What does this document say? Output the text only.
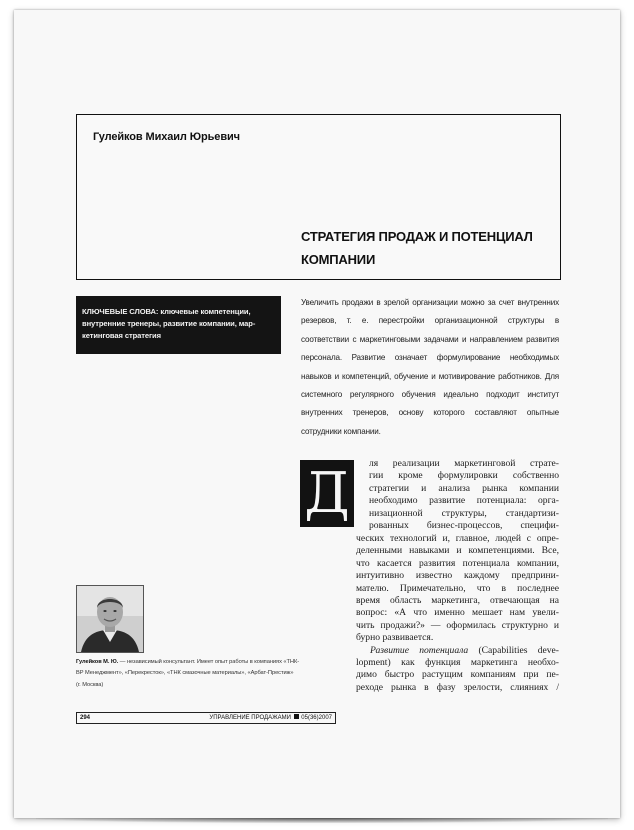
Гулейков Михаил Юрьевич
СТРАТЕГИЯ ПРОДАЖ И ПОТЕНЦИАЛ
КОМПАНИИ
КЛЮЧЕВЫЕ СЛОВА: ключевые компетенции,
внутренние тренеры, развитие компании, мар-
кетинговая стратегия
Увеличить продажи в зрелой организации можно за счет внутренних резервов, т. е. перестройки организационной структуры в соответствии с маркетинговыми задачами и направлением развития персонала. Развитие означает формулирование необходимых навыков и компетенций, обучение и мотивирование работников. Для системного регулярного обучения идеально подходит институт внутренних тренеров, основу которого составляют опытные сотрудники компании.
Д	ля реализации маркетинговой страте-
гии кроме формулировки собственно
стратегии и анализа рынка компании
необходимо развитие потенциала: орга-
низационной структуры, стандартизи-
рованных бизнес-процессов, специфи-
ческих технологий и, главное, людей с опре-
деленными навыками и компетенциями. Все,
что касается развития потенциала компании,
интуитивно известно каждому предприни-
мателю. Примечательно, что в последнее
время область маркетинга, отвечающая на
вопрос: «А что именно мешает нам увели-
чить продажи?» — оформилась структурно и
бурно развивается.
Развитие потенциала (Capabilities deve-
lopment) как функция маркетинга необхо-
димо быстро растущим компаниям при пе-
реходе рынка в фазу зрелости, слияниях /
Гулейков М. Ю. — независимый консультант. Имеет опыт работы в компаниях «ТНК-
ВР Менеджмент», «Перекресток», «ТНК смазочные материалы», «Арбат-Престиж»
(г. Москва)
294	УПРАВЛЕНИЕ ПРОДАЖАМИ 05(36)2007
